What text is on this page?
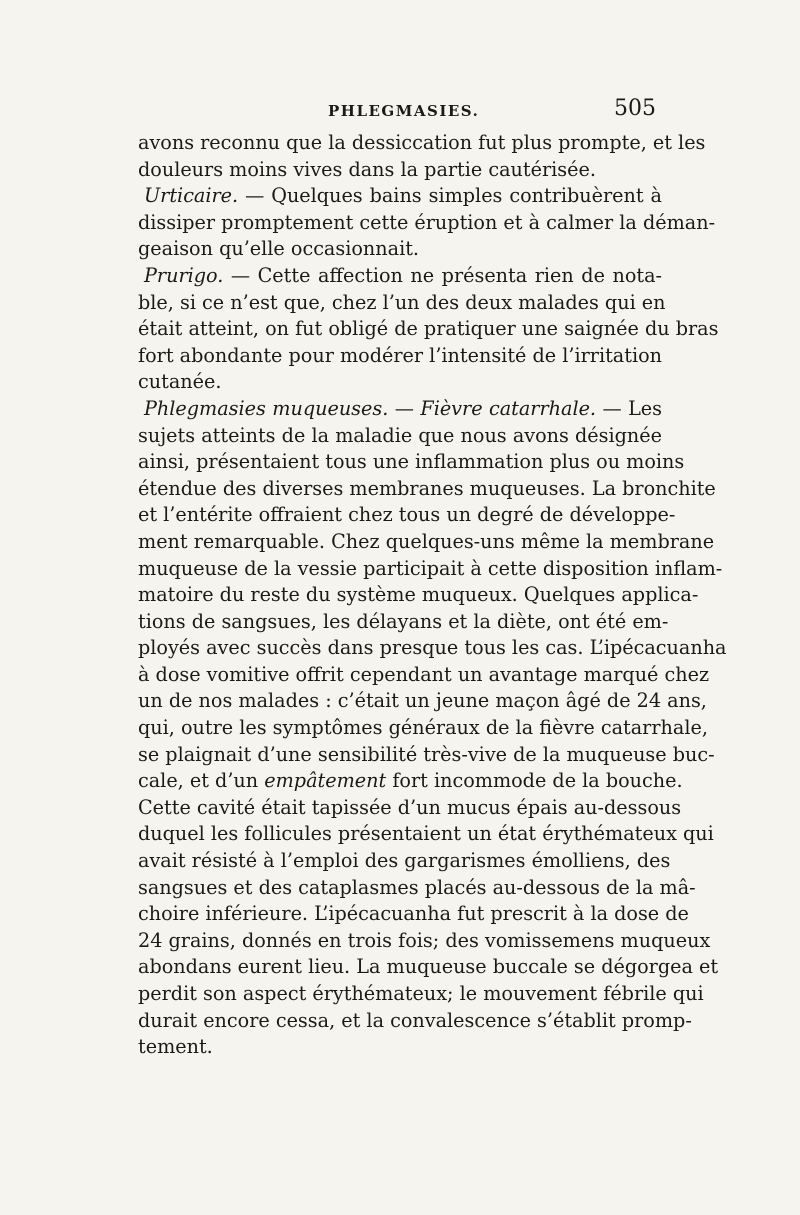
PHLEGMASIES.	505
avons reconnu que la dessiccation fut plus prompte, et les
douleurs moins vives dans la partie cautérisée.
Urticaire. — Quelques bains simples contribuèrent à
dissiper promptement cette éruption et à calmer la déman-
geaison qu’elle occasionnait.
Prurigo. — Cette affection ne présenta rien de nota-
ble, si ce n’est que, chez l’un des deux malades qui en
était atteint, on fut obligé de pratiquer une saignée du bras
fort abondante pour modérer l’intensité de l’irritation
cutanée.
Phlegmasies muqueuses. — Fièvre catarrhale. — Les
sujets atteints de la maladie que nous avons désignée
ainsi, présentaient tous une inflammation plus ou moins
étendue des diverses membranes muqueuses. La bronchite
et l’entérite offraient chez tous un degré de développe-
ment remarquable. Chez quelques-uns même la membrane
muqueuse de la vessie participait à cette disposition inflam-
matoire du reste du système muqueux. Quelques applica-
tions de sangsues, les délayans et la diète, ont été em-
ployés avec succès dans presque tous les cas. L’ipécacuanha
à dose vomitive offrit cependant un avantage marqué chez
un de nos malades : c’était un jeune maçon âgé de 24 ans,
qui, outre les symptômes généraux de la fièvre catarrhale,
se plaignait d’une sensibilité très-vive de la muqueuse buc-
cale, et d’un empâtement fort incommode de la bouche.
Cette cavité était tapissée d’un mucus épais au-dessous
duquel les follicules présentaient un état érythémateux qui
avait résisté à l’emploi des gargarismes émolliens, des
sangsues et des cataplasmes placés au-dessous de la mâ-
choire inférieure. L’ipécacuanha fut prescrit à la dose de
24 grains, donnés en trois fois; des vomissemens muqueux
abondans eurent lieu. La muqueuse buccale se dégorgea et
perdit son aspect érythémateux; le mouvement fébrile qui
durait encore cessa, et la convalescence s’établit promp-
tement.
